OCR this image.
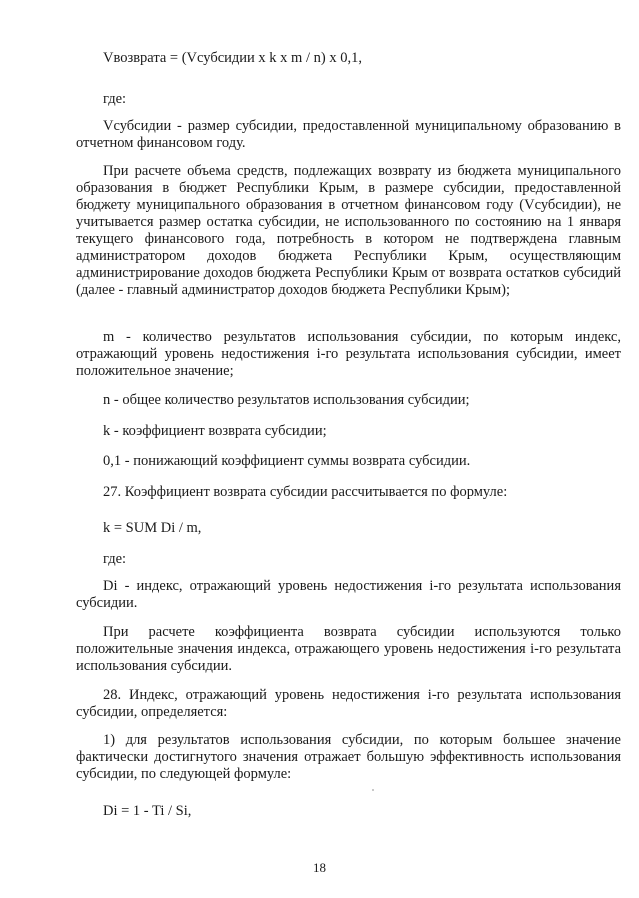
Vвозврата = (Vсубсидии x k x m / n) x 0,1,

где:

Vсубсидии - размер субсидии, предоставленной муниципальному образованию в отчетном финансовом году.

При расчете объема средств, подлежащих возврату из бюджета муниципального образования в бюджет Республики Крым, в размере субсидии, предоставленной бюджету муниципального образования в отчетном финансовом году (Vсубсидии), не учитывается размер остатка субсидии, не использованного по состоянию на 1 января текущего финансового года, потребность в котором не подтверждена главным администратором доходов бюджета Республики Крым, осуществляющим администрирование доходов бюджета Республики Крым от возврата остатков субсидий (далее - главный администратор доходов бюджета Республики Крым);

m - количество результатов использования субсидии, по которым индекс, отражающий уровень недостижения i-го результата использования субсидии, имеет положительное значение;

n - общее количество результатов использования субсидии;

k - коэффициент возврата субсидии;

0,1 - понижающий коэффициент суммы возврата субсидии.

27. Коэффициент возврата субсидии рассчитывается по формуле:

k = SUM Di / m,

где:

Di - индекс, отражающий уровень недостижения i-го результата использования субсидии.

При расчете коэффициента возврата субсидии используются только положительные значения индекса, отражающего уровень недостижения i-го результата использования субсидии.

28. Индекс, отражающий уровень недостижения i-го результата использования субсидии, определяется:

1) для результатов использования субсидии, по которым большее значение фактически достигнутого значения отражает большую эффективность использования субсидии, по следующей формуле:

Di = 1 - Ti / Si,

18
